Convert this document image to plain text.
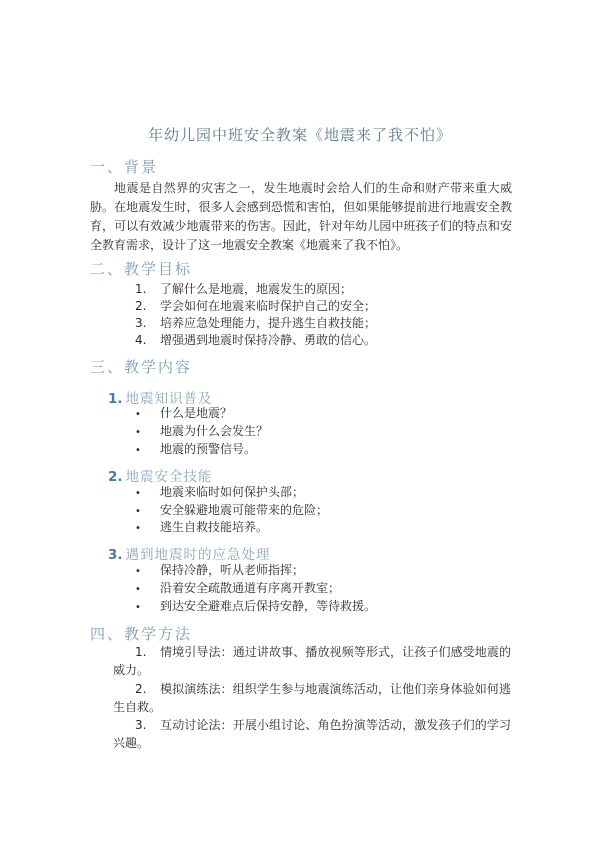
年幼儿园中班安全教案《地震来了我不怕》
一、背景
地震是自然界的灾害之一，发生地震时会给人们的生命和财产带来重大威胁。在地震发生时，很多人会感到恐慌和害怕，但如果能够提前进行地震安全教育，可以有效减少地震带来的伤害。因此，针对年幼儿园中班孩子们的特点和安全教育需求，设计了这一地震安全教案《地震来了我不怕》。
二、教学目标
1. 了解什么是地震，地震发生的原因；
2. 学会如何在地震来临时保护自己的安全；
3. 培养应急处理能力，提升逃生自救技能；
4. 增强遇到地震时保持冷静、勇敢的信心。
三、教学内容
1. 地震知识普及
• 什么是地震？
• 地震为什么会发生？
• 地震的预警信号。
2. 地震安全技能
• 地震来临时如何保护头部；
• 安全躲避地震可能带来的危险；
• 逃生自救技能培养。
3. 遇到地震时的应急处理
• 保持冷静，听从老师指挥；
• 沿着安全疏散通道有序离开教室；
• 到达安全避难点后保持安静，等待救援。
四、教学方法
1. 情境引导法：通过讲故事、播放视频等形式，让孩子们感受地震的威力。
2. 模拟演练法：组织学生参与地震演练活动，让他们亲身体验如何逃生自救。
3. 互动讨论法：开展小组讨论、角色扮演等活动，激发孩子们的学习兴趣。
